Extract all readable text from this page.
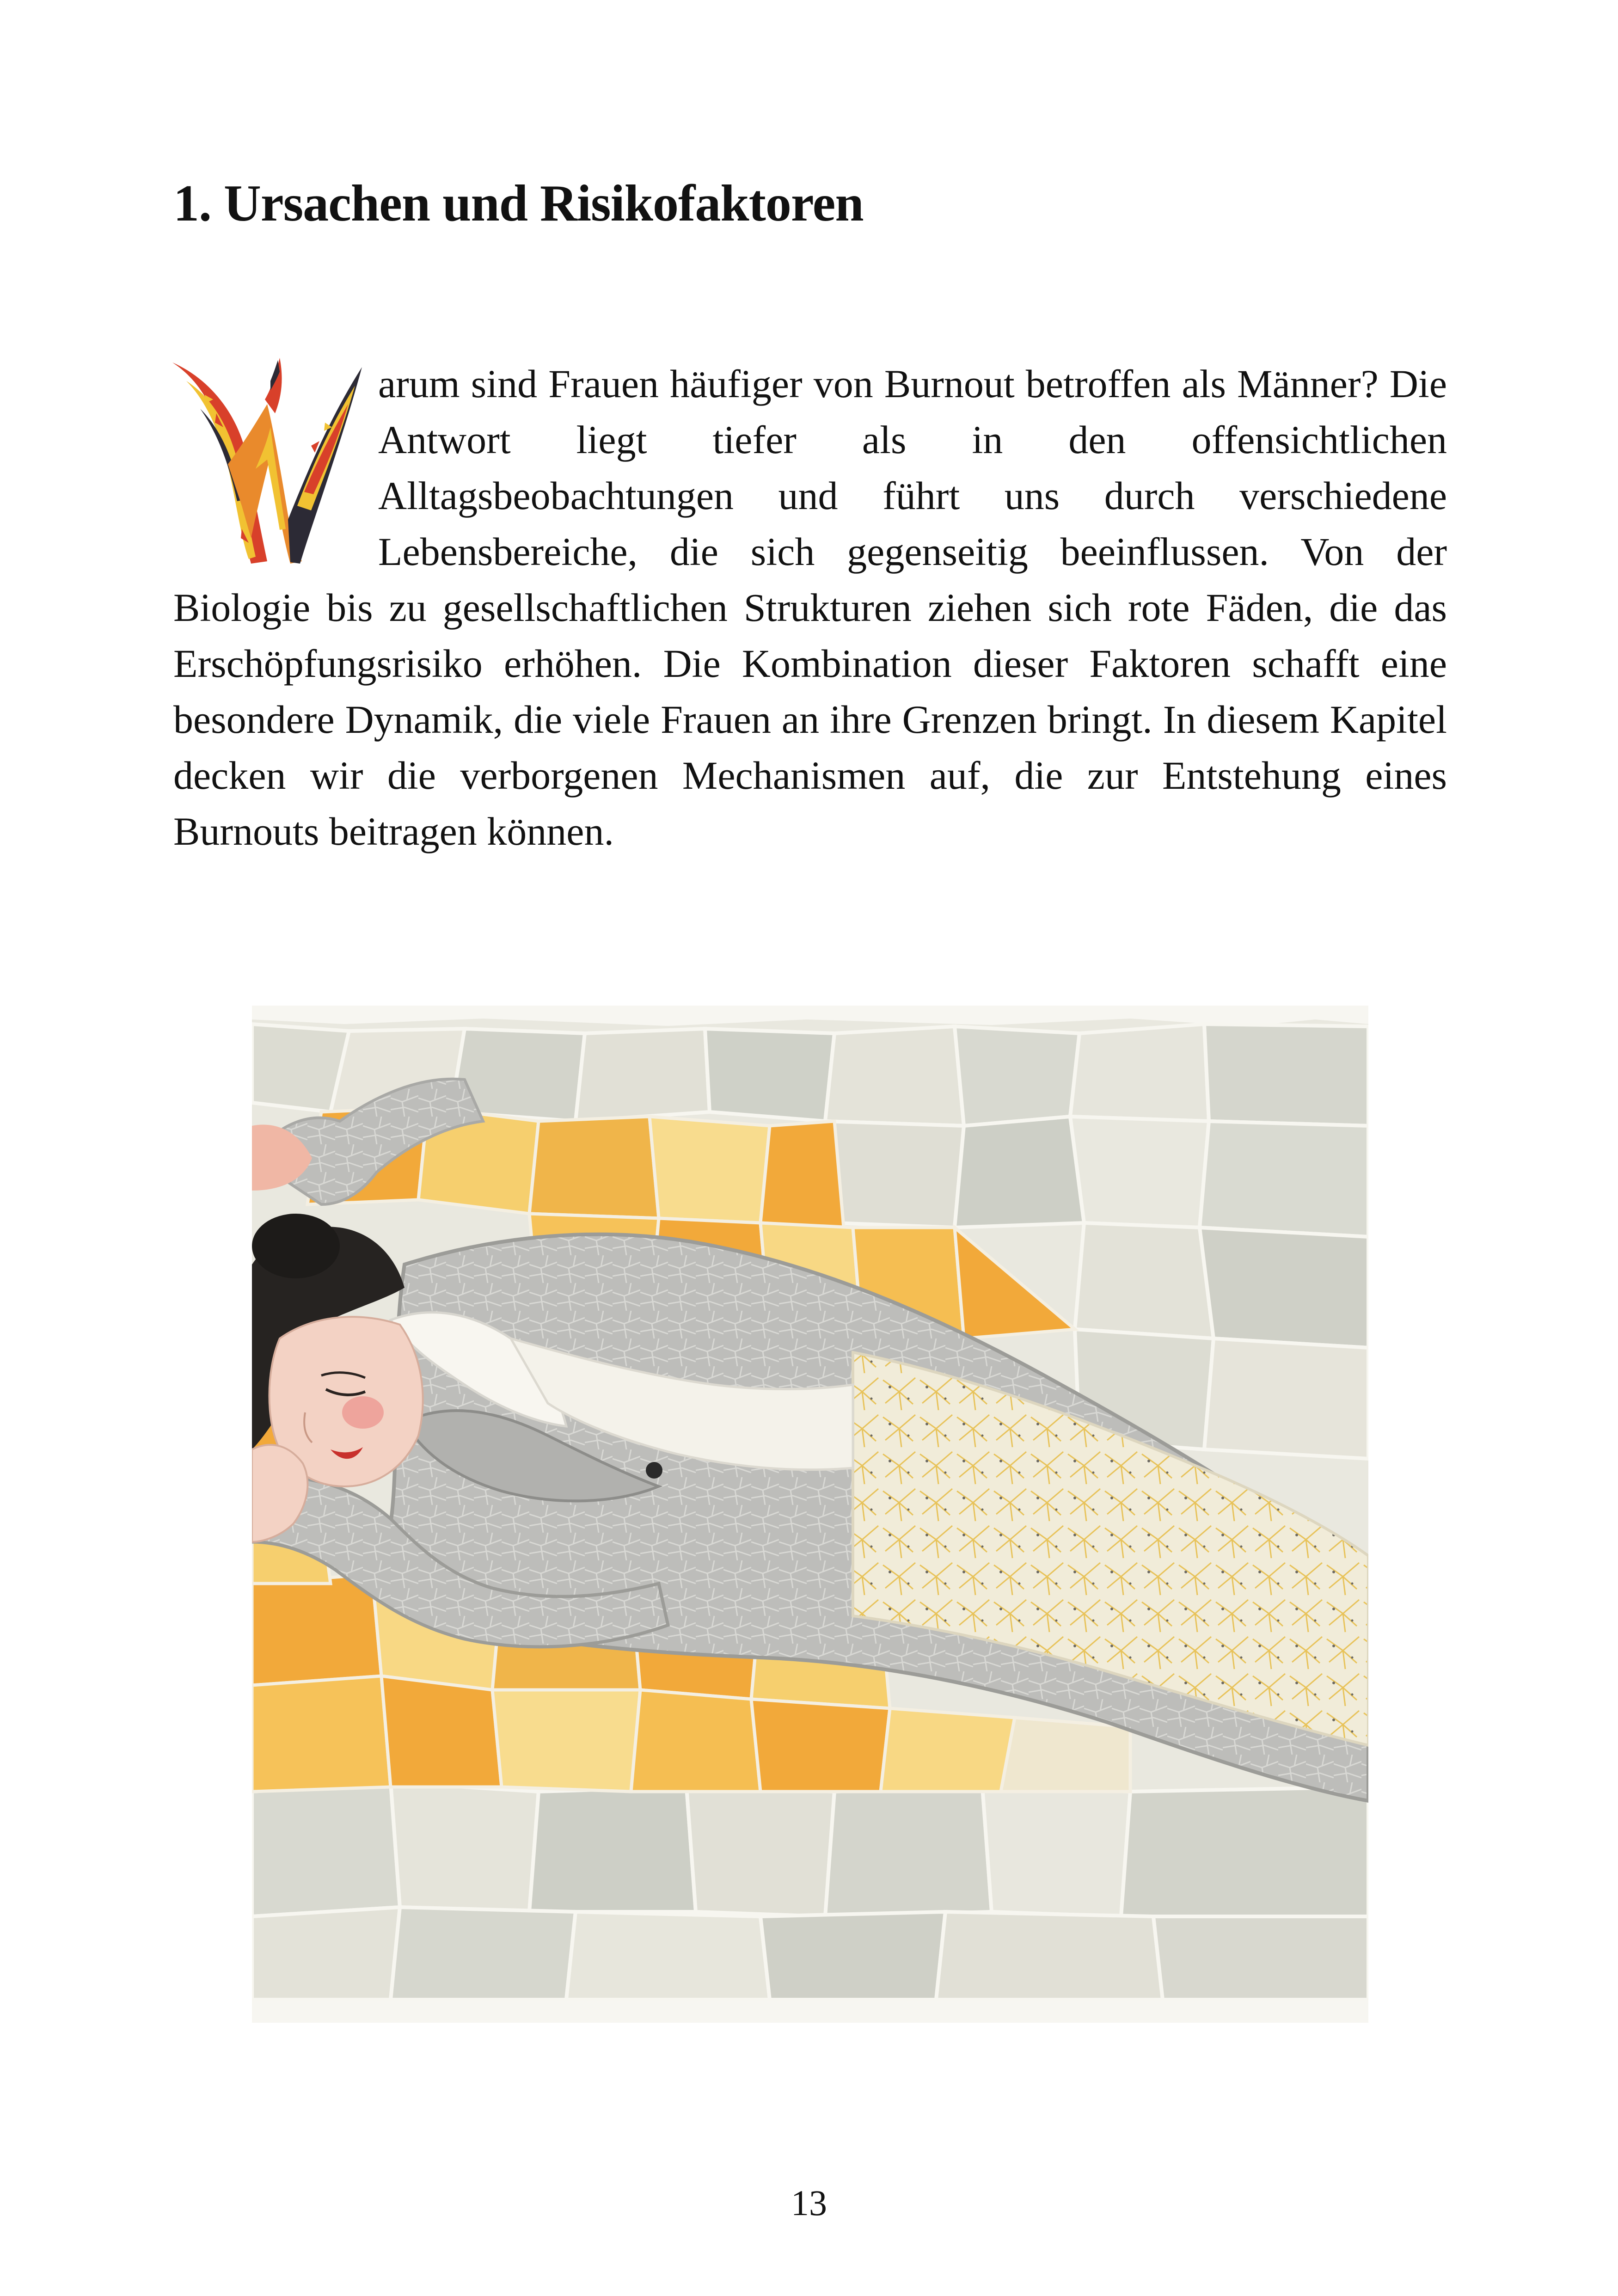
1. Ursachen und Risikofaktoren

arum sind Frauen häufiger von Burnout betroffen als Männer? Die Antwort liegt tiefer als in den offensichtlichen Alltagsbeobachtungen und führt uns durch verschiedene Lebensbereiche, die sich gegenseitig beeinflussen. Von der Biologie bis zu gesellschaftlichen Strukturen ziehen sich rote Fäden, die das Erschöpfungsrisiko erhöhen. Die Kombination dieser Faktoren schafft eine besondere Dynamik, die viele Frauen an ihre Grenzen bringt. In diesem Kapitel decken wir die verborgenen Mechanismen auf, die zur Entstehung eines Burnouts beitragen können.

13
